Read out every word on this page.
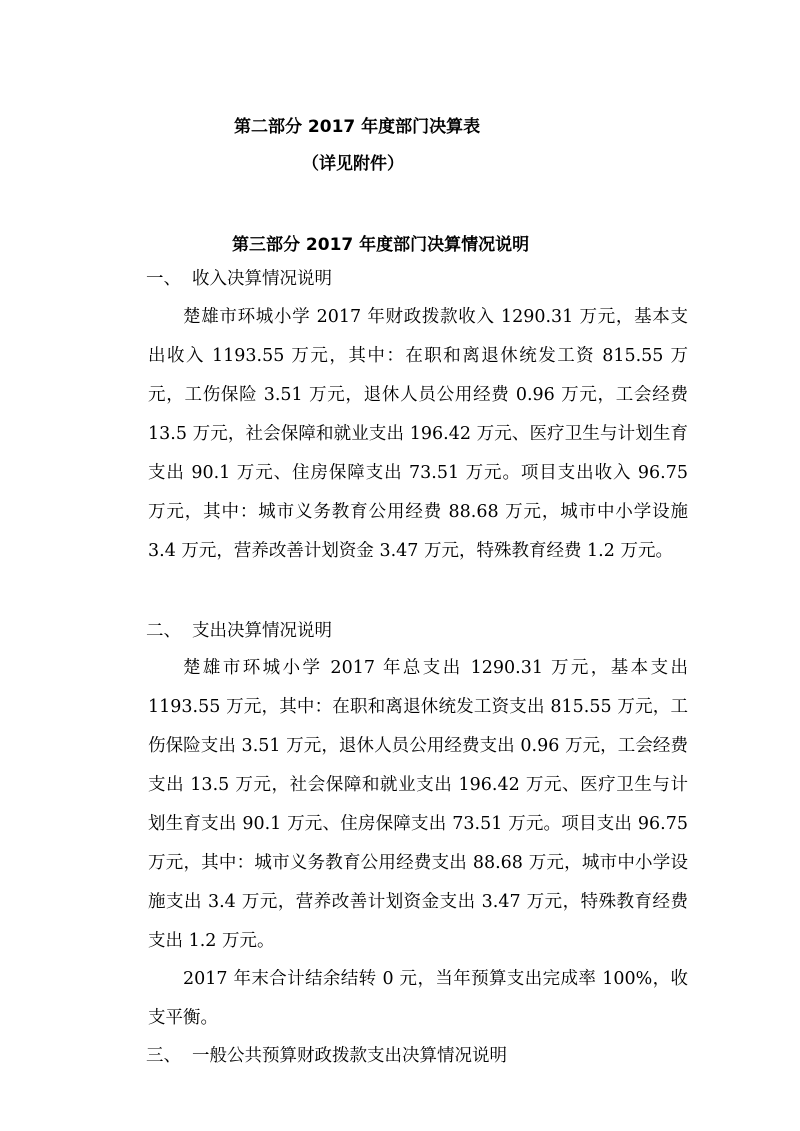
第二部分 2017 年度部门决算表
（详见附件）
第三部分 2017 年度部门决算情况说明
一、 收入决算情况说明
楚雄市环城小学 2017 年财政拨款收入 1290.31 万元，基本支出收入 1193.55 万元，其中：在职和离退休统发工资 815.55 万元，工伤保险 3.51 万元，退休人员公用经费 0.96 万元，工会经费 13.5 万元，社会保障和就业支出 196.42 万元、医疗卫生与计划生育支出 90.1 万元、住房保障支出 73.51 万元。项目支出收入 96.75 万元，其中：城市义务教育公用经费 88.68 万元，城市中小学设施 3.4 万元，营养改善计划资金 3.47 万元，特殊教育经费 1.2 万元。
二、 支出决算情况说明
楚雄市环城小学 2017 年总支出 1290.31 万元，基本支出 1193.55 万元，其中：在职和离退休统发工资支出 815.55 万元，工伤保险支出 3.51 万元，退休人员公用经费支出 0.96 万元，工会经费支出 13.5 万元，社会保障和就业支出 196.42 万元、医疗卫生与计划生育支出 90.1 万元、住房保障支出 73.51 万元。项目支出 96.75 万元，其中：城市义务教育公用经费支出 88.68 万元，城市中小学设施支出 3.4 万元，营养改善计划资金支出 3.47 万元，特殊教育经费支出 1.2 万元。
2017 年末合计结余结转 0 元，当年预算支出完成率 100%，收支平衡。
三、 一般公共预算财政拨款支出决算情况说明
